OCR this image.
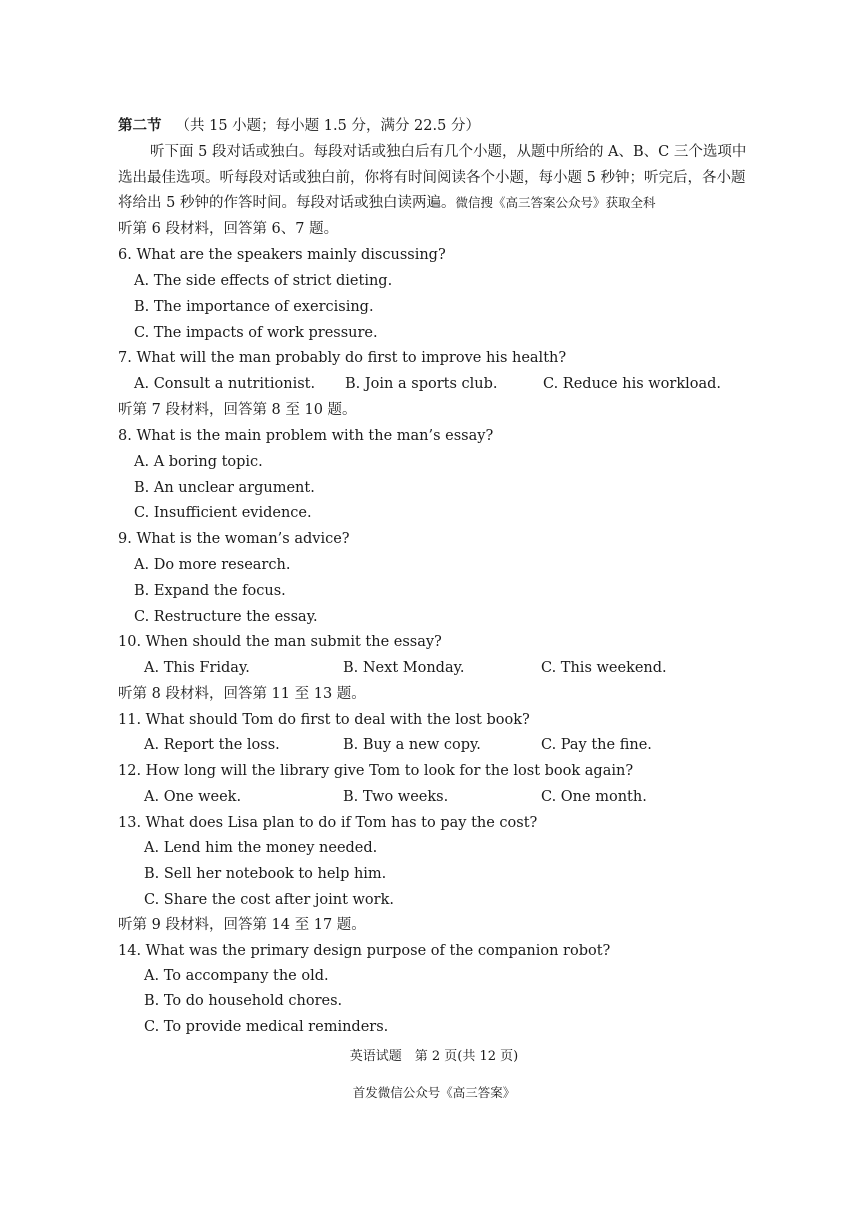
第二节 （共 15 小题；每小题 1.5 分，满分 22.5 分）
听下面 5 段对话或独白。每段对话或独白后有几个小题，从题中所给的 A、B、C 三个选项中
选出最佳选项。听每段对话或独白前，你将有时间阅读各个小题，每小题 5 秒钟；听完后，各小题
将给出 5 秒钟的作答时间。每段对话或独白读两遍。微信搜《高三答案公众号》获取全科
听第 6 段材料，回答第 6、7 题。
6. What are the speakers mainly discussing?
A. The side effects of strict dieting.
B. The importance of exercising.
C. The impacts of work pressure.
7. What will the man probably do first to improve his health?
A. Consult a nutritionist. B. Join a sports club.	C. Reduce his workload.
听第 7 段材料，回答第 8 至 10 题。
8. What is the main problem with the man’s essay?
A. A boring topic.
B. An unclear argument.
C. Insufficient evidence.
9. What is the woman’s advice?
A. Do more research.
B. Expand the focus.
C. Restructure the essay.
10. When should the man submit the essay?
A. This Friday.	B. Next Monday.	C. This weekend.
听第 8 段材料，回答第 11 至 13 题。
11. What should Tom do first to deal with the lost book?
A. Report the loss.	B. Buy a new copy.	C. Pay the fine.
12. How long will the library give Tom to look for the lost book again?
A. One week.	B. Two weeks.	C. One month.
13. What does Lisa plan to do if Tom has to pay the cost?
A. Lend him the money needed.
B. Sell her notebook to help him.
C. Share the cost after joint work.
听第 9 段材料，回答第 14 至 17 题。
14. What was the primary design purpose of the companion robot?
A. To accompany the old.
B. To do household chores.
C. To provide medical reminders.
英语试题　第 2 页(共 12 页)
首发微信公众号《高三答案》
